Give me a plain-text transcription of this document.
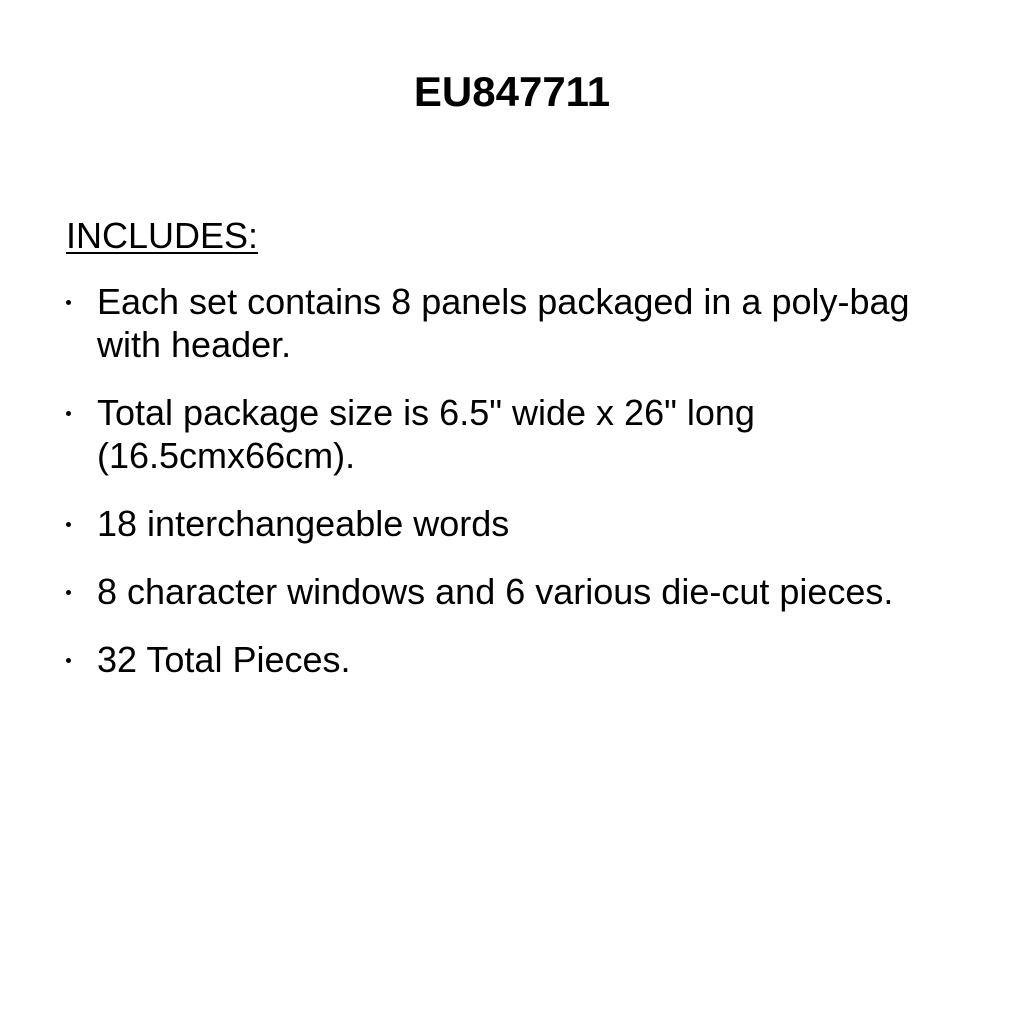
EU847711
INCLUDES:
Each set contains 8 panels packaged in a poly-bag with header.
Total package size is 6.5" wide x 26" long (16.5cmx66cm).
18 interchangeable words
8 character windows and 6 various die-cut pieces.
32 Total Pieces.
